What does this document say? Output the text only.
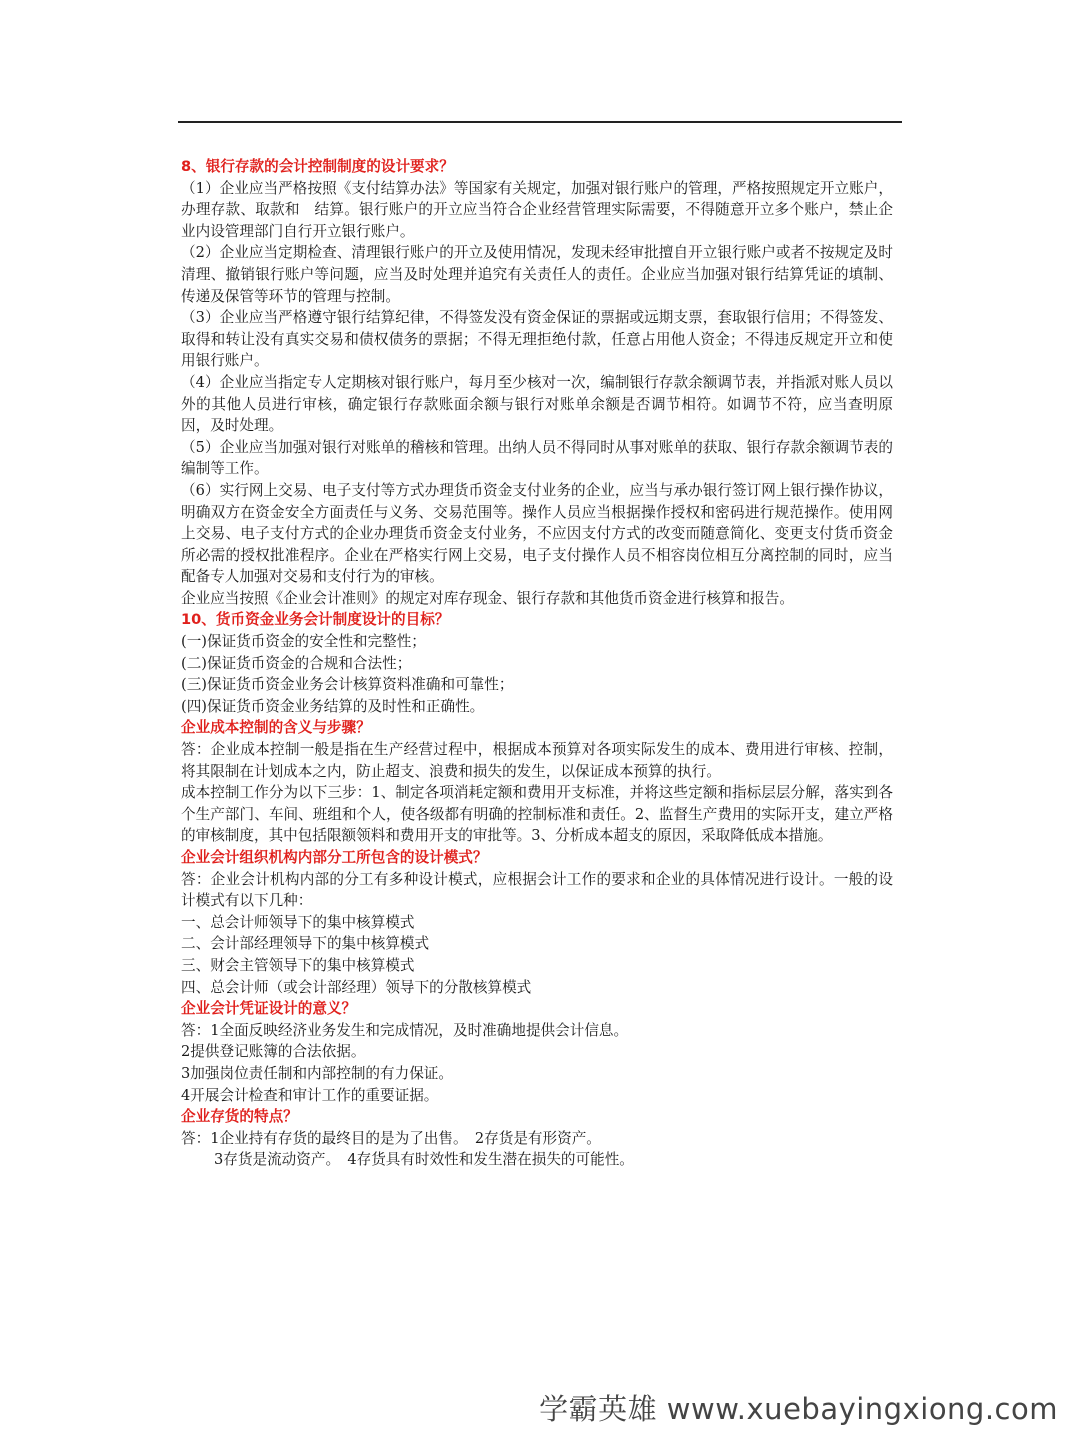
8、银行存款的会计控制制度的设计要求？

（1）企业应当严格按照《支付结算办法》等国家有关规定，加强对银行账户的管理，严格按照规定开立账户，办理存款、取款和　结算。银行账户的开立应当符合企业经营管理实际需要，不得随意开立多个账户，禁止企业内设管理部门自行开立银行账户。

（2）企业应当定期检查、清理银行账户的开立及使用情况，发现未经审批擅自开立银行账户或者不按规定及时清理、撤销银行账户等问题，应当及时处理并追究有关责任人的责任。企业应当加强对银行结算凭证的填制、传递及保管等环节的管理与控制。

（3）企业应当严格遵守银行结算纪律，不得签发没有资金保证的票据或远期支票，套取银行信用；不得签发、取得和转让没有真实交易和债权债务的票据；不得无理拒绝付款，任意占用他人资金；不得违反规定开立和使用银行账户。

（4）企业应当指定专人定期核对银行账户，每月至少核对一次，编制银行存款余额调节表，并指派对账人员以外的其他人员进行审核，确定银行存款账面余额与银行对账单余额是否调节相符。如调节不符，应当查明原因，及时处理。

（5）企业应当加强对银行对账单的稽核和管理。出纳人员不得同时从事对账单的获取、银行存款余额调节表的编制等工作。

（6）实行网上交易、电子支付等方式办理货币资金支付业务的企业，应当与承办银行签订网上银行操作协议，明确双方在资金安全方面责任与义务、交易范围等。操作人员应当根据操作授权和密码进行规范操作。使用网上交易、电子支付方式的企业办理货币资金支付业务，不应因支付方式的改变而随意简化、变更支付货币资金所必需的授权批准程序。企业在严格实行网上交易，电子支付操作人员不相容岗位相互分离控制的同时，应当配备专人加强对交易和支付行为的审核。

企业应当按照《企业会计准则》的规定对库存现金、银行存款和其他货币资金进行核算和报告。

10、货币资金业务会计制度设计的目标？

(一)保证货币资金的安全性和完整性；

(二)保证货币资金的合规和合法性；

(三)保证货币资金业务会计核算资料准确和可靠性；

(四)保证货币资金业务结算的及时性和正确性。

企业成本控制的含义与步骤？

答：企业成本控制一般是指在生产经营过程中，根据成本预算对各项实际发生的成本、费用进行审核、控制，将其限制在计划成本之内，防止超支、浪费和损失的发生，以保证成本预算的执行。

成本控制工作分为以下三步：1、制定各项消耗定额和费用开支标准，并将这些定额和指标层层分解，落实到各个生产部门、车间、班组和个人，使各级都有明确的控制标准和责任。2、监督生产费用的实际开支，建立严格的审核制度，其中包括限额领料和费用开支的审批等。3、分析成本超支的原因，采取降低成本措施。

企业会计组织机构内部分工所包含的设计模式？

答：企业会计机构内部的分工有多种设计模式，应根据会计工作的要求和企业的具体情况进行设计。一般的设计模式有以下几种：

一、总会计师领导下的集中核算模式

二、会计部经理领导下的集中核算模式

三、财会主管领导下的集中核算模式

四、总会计师（或会计部经理）领导下的分散核算模式

企业会计凭证设计的意义？

答：1全面反映经济业务发生和完成情况，及时准确地提供会计信息。

2提供登记账簿的合法依据。

3加强岗位责任制和内部控制的有力保证。

4开展会计检查和审计工作的重要证据。

企业存货的特点？

答：1企业持有存货的最终目的是为了出售。　2存货是有形资产。

3存货是流动资产。　4存货具有时效性和发生潜在损失的可能性。

学霸英雄 www.xuebayingxiong.com
